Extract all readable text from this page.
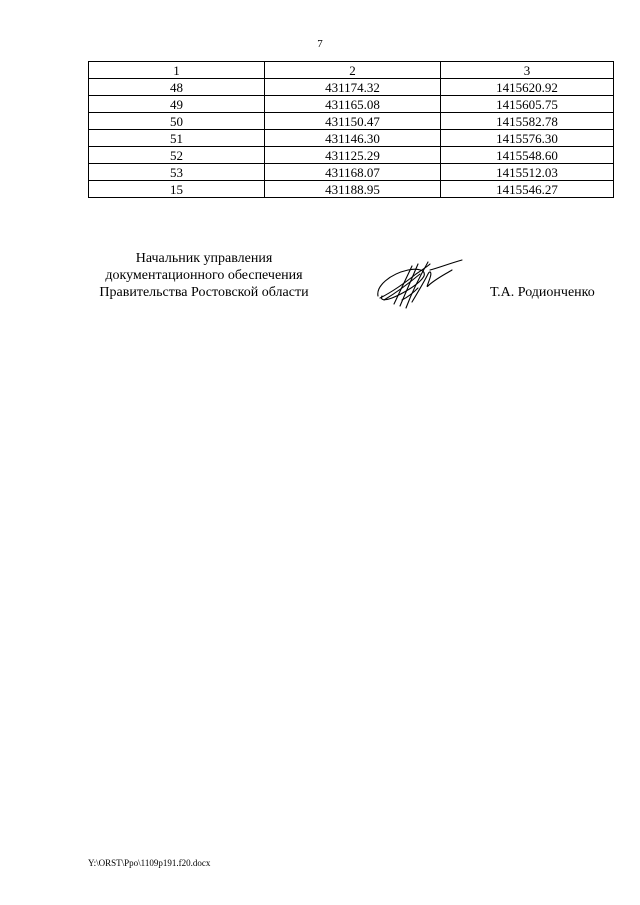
7
1	2	3
48	431174.32	1415620.92
49	431165.08	1415605.75
50	431150.47	1415582.78
51	431146.30	1415576.30
52	431125.29	1415548.60
53	431168.07	1415512.03
15	431188.95	1415546.27
Начальник управления
документационного обеспечения
Правительства Ростовской области	Т.А. Родионченко
Y:\ORST\Ppo\1109p191.f20.docx
